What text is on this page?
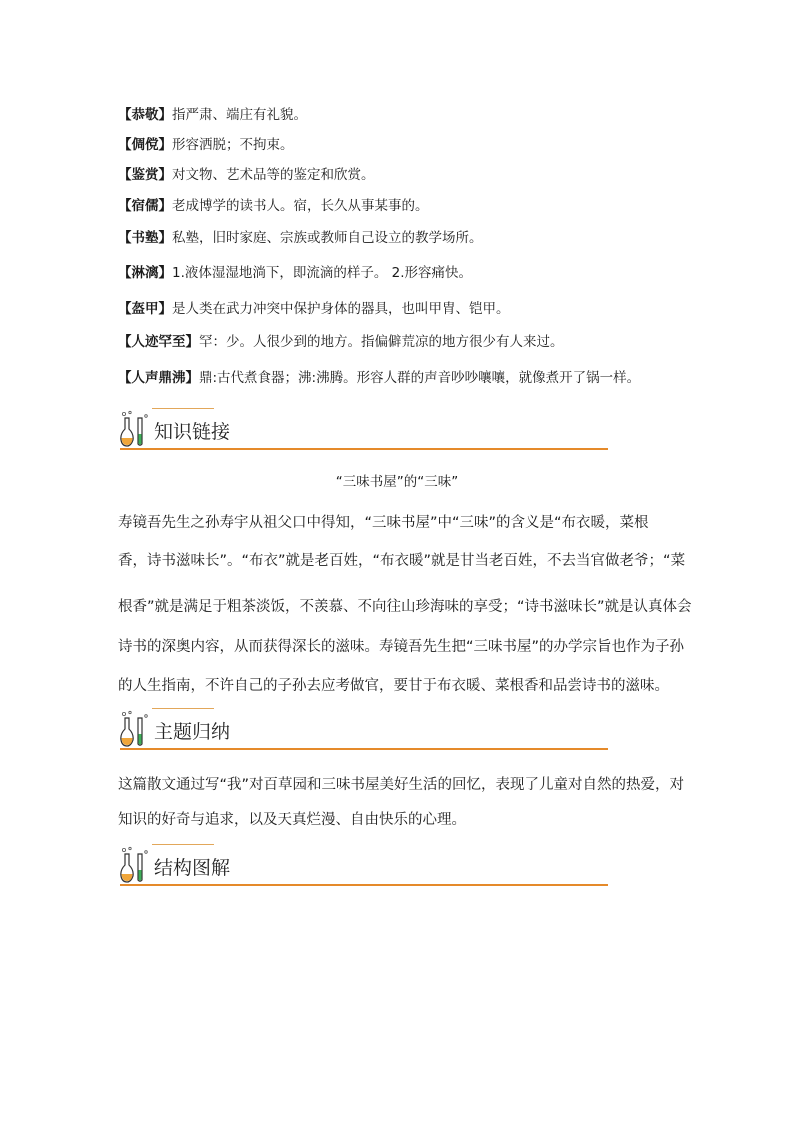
【恭敬】指严肃、端庄有礼貌。
【倜傥】形容洒脱；不拘束。
【鉴赏】对文物、艺术品等的鉴定和欣赏。
【宿儒】老成博学的读书人。宿，长久从事某事的。
【书塾】私塾，旧时家庭、宗族或教师自己设立的教学场所。
【淋漓】1.液体湿湿地淌下，即流滴的样子。 2.形容痛快。
【盔甲】是人类在武力冲突中保护身体的器具，也叫甲胄、铠甲。
【人迹罕至】罕：少。人很少到的地方。指偏僻荒凉的地方很少有人来过。
【人声鼎沸】鼎:古代煮食器；沸:沸腾。形容人群的声音吵吵嚷嚷，就像煮开了锅一样。
知识链接
“三味书屋”的“三味”
寿镜吾先生之孙寿宇从祖父口中得知，“三味书屋”中“三味”的含义是“布衣暖，菜根
香，诗书滋味长”。“布衣”就是老百姓，“布衣暖”就是甘当老百姓，不去当官做老爷；“菜
根香”就是满足于粗茶淡饭，不羡慕、不向往山珍海味的享受；“诗书滋味长”就是认真体会
诗书的深奥内容，从而获得深长的滋味。寿镜吾先生把“三味书屋”的办学宗旨也作为子孙
的人生指南，不许自己的子孙去应考做官，要甘于布衣暖、菜根香和品尝诗书的滋味。
主题归纳
这篇散文通过写“我”对百草园和三味书屋美好生活的回忆，表现了儿童对自然的热爱，对
知识的好奇与追求，以及天真烂漫、自由快乐的心理。
结构图解
